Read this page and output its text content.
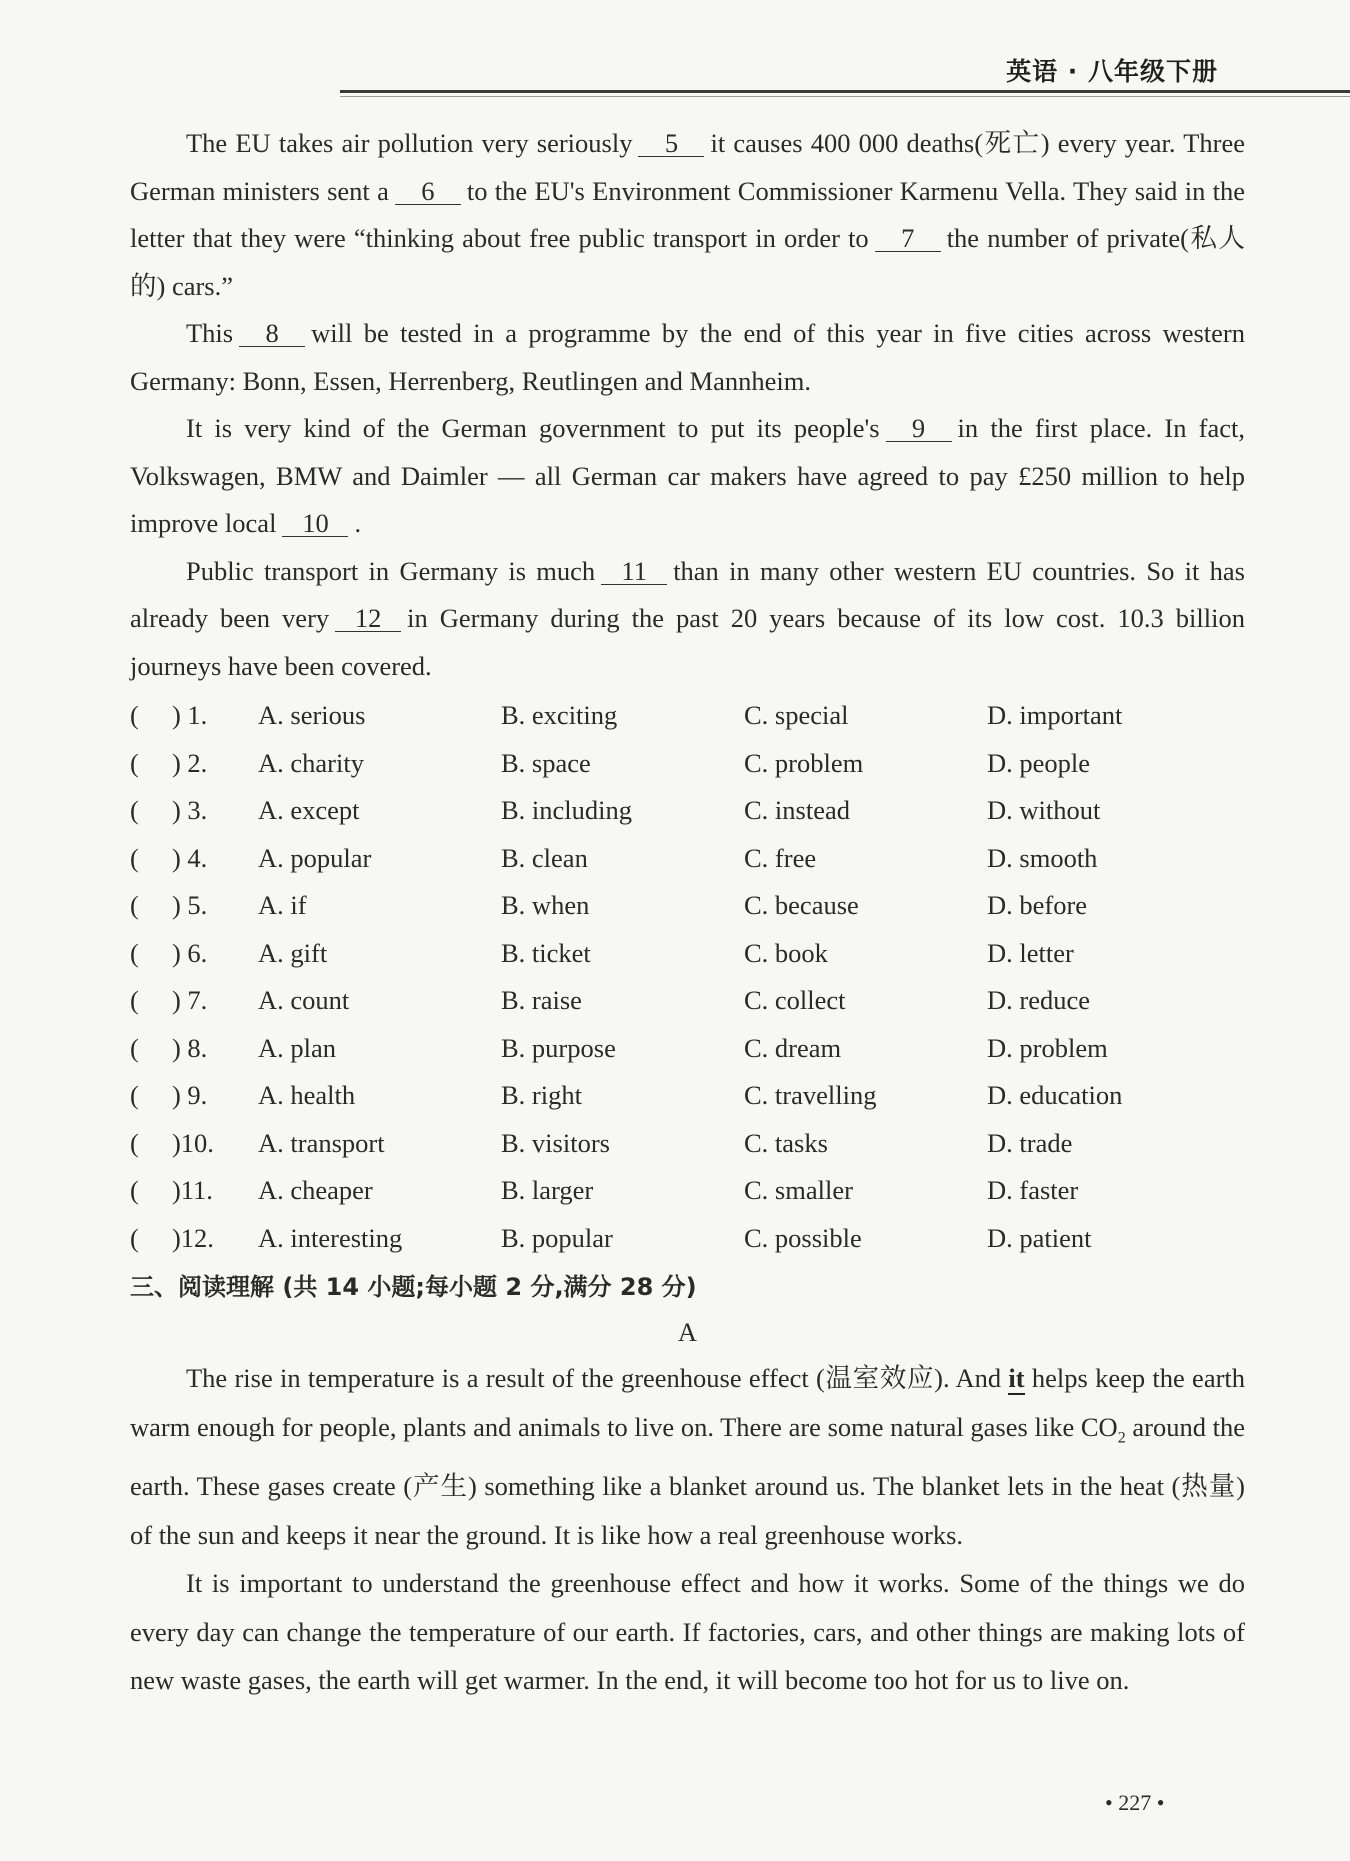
英语 · 八年级下册

The EU takes air pollution very seriously 5 it causes 400 000 deaths(死亡) every year. Three German ministers sent a 6 to the EU's Environment Commissioner Karmenu Vella. They said in the letter that they were “thinking about free public transport in order to 7 the number of private(私人的) cars.”

This 8 will be tested in a programme by the end of this year in five cities across western Germany: Bonn, Essen, Herrenberg, Reutlingen and Mannheim.

It is very kind of the German government to put its people's 9 in the first place. In fact, Volkswagen, BMW and Daimler — all German car makers have agreed to pay £250 million to help improve local 10 .

Public transport in Germany is much 11 than in many other western EU countries. So it has already been very 12 in Germany during the past 20 years because of its low cost. 10.3 billion journeys have been covered.

(     ) 1.	A. serious	B. exciting	C. special	D. important
(     ) 2.	A. charity	B. space	C. problem	D. people
(     ) 3.	A. except	B. including	C. instead	D. without
(     ) 4.	A. popular	B. clean	C. free	D. smooth
(     ) 5.	A. if	B. when	C. because	D. before
(     ) 6.	A. gift	B. ticket	C. book	D. letter
(     ) 7.	A. count	B. raise	C. collect	D. reduce
(     ) 8.	A. plan	B. purpose	C. dream	D. problem
(     ) 9.	A. health	B. right	C. travelling	D. education
(     )10.	A. transport	B. visitors	C. tasks	D. trade
(     )11.	A. cheaper	B. larger	C. smaller	D. faster
(     )12.	A. interesting	B. popular	C. possible	D. patient
三、阅读理解 (共 14 小题;每小题 2 分,满分 28 分)
A

The rise in temperature is a result of the greenhouse effect (温室效应). And it helps keep the earth warm enough for people, plants and animals to live on. There are some natural gases like $CO_2$ around the earth. These gases create (产生) something like a blanket around us. The blanket lets in the heat (热量) of the sun and keeps it near the ground. It is like how a real greenhouse works.

It is important to understand the greenhouse effect and how it works. Some of the things we do every day can change the temperature of our earth. If factories, cars, and other things are making lots of new waste gases, the earth will get warmer. In the end, it will become too hot for us to live on.

• 227 •
